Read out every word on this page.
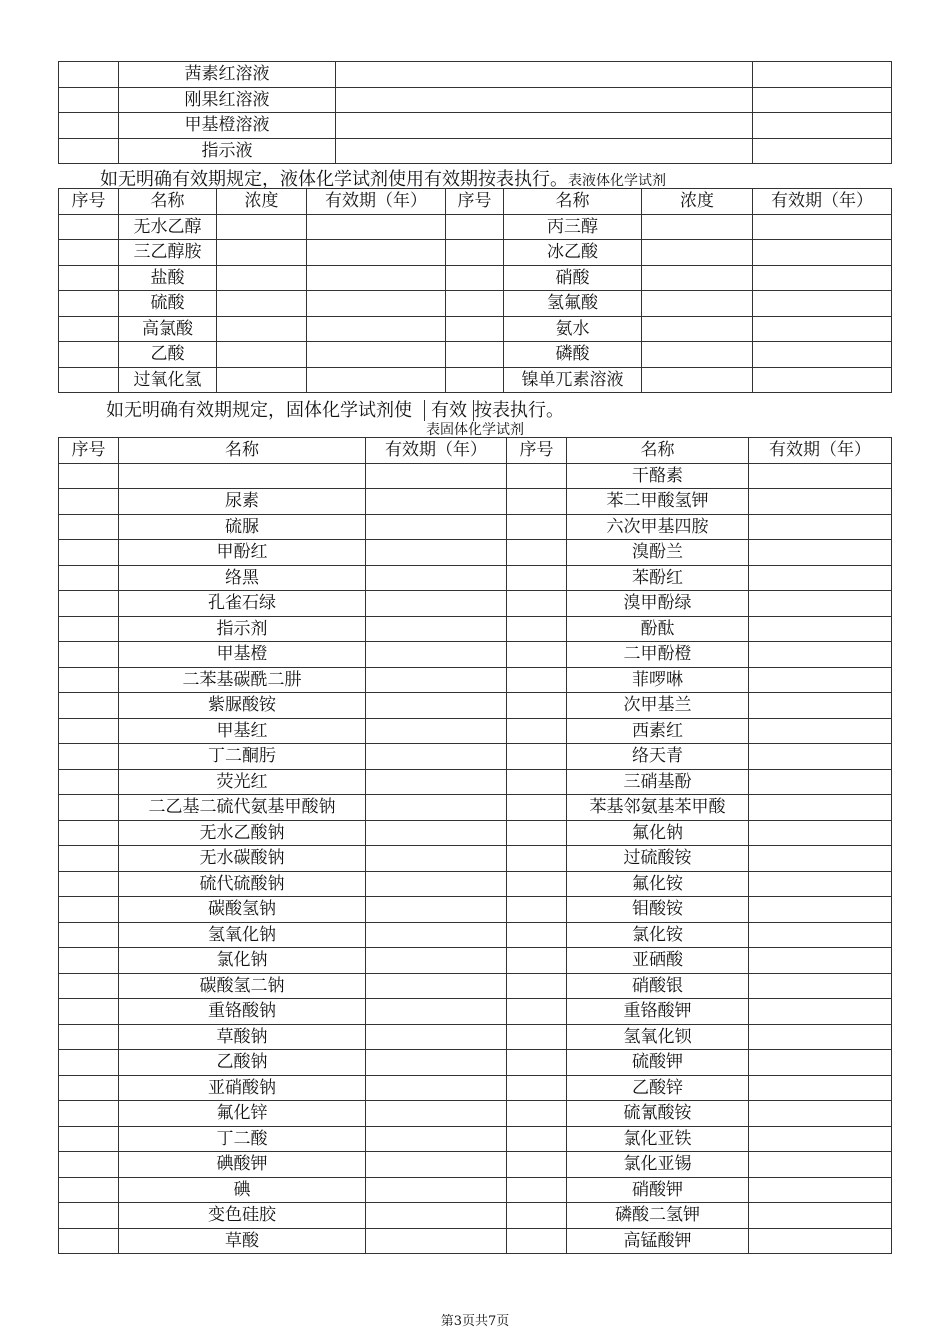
	茜素红溶液		
	刚果红溶液		
	甲基橙溶液		
	指示液		
如无明确有效期规定，液体化学试剂使用有效期按表执行。表液体化学试剂
序号	名称	浓度	有效期（年）	序号	名称	浓度	有效期（年）
	无水乙醇				丙三醇		
	三乙醇胺				冰乙酸		
	盐酸				硝酸		
	硫酸				氢氟酸		
	高氯酸				氨水		
	乙酸				磷酸		
	过氧化氢				镍单兀素溶液		
如无明确有效期规定，固体化学试剂使 有效 按表执行。
表固体化学试剂
序号	名称	有效期（年）	序号	名称	有效期（年）
				干酪素	
	尿素			苯二甲酸氢钾	
	硫脲			六次甲基四胺	
	甲酚红			溴酚兰	
	络黑			苯酚红	
	孔雀石绿			溴甲酚绿	
	指示剂			酚酞	
	甲基橙			二甲酚橙	
	二苯基碳酰二肼			菲啰啉	
	紫脲酸铵			次甲基兰	
	甲基红			西素红	
	丁二酮肟			络天青	
	荧光红			三硝基酚	
	二乙基二硫代氨基甲酸钠			苯基邻氨基苯甲酸	
	无水乙酸钠			氟化钠	
	无水碳酸钠			过硫酸铵	
	硫代硫酸钠			氟化铵	
	碳酸氢钠			钼酸铵	
	氢氧化钠			氯化铵	
	氯化钠			亚硒酸	
	碳酸氢二钠			硝酸银	
	重铬酸钠			重铬酸钾	
	草酸钠			氢氧化钡	
	乙酸钠			硫酸钾	
	亚硝酸钠			乙酸锌	
	氟化锌			硫氰酸铵	
	丁二酸			氯化亚铁	
	碘酸钾			氯化亚锡	
	碘			硝酸钾	
	变色硅胶			磷酸二氢钾	
	草酸			高锰酸钾	
第3页共7页
